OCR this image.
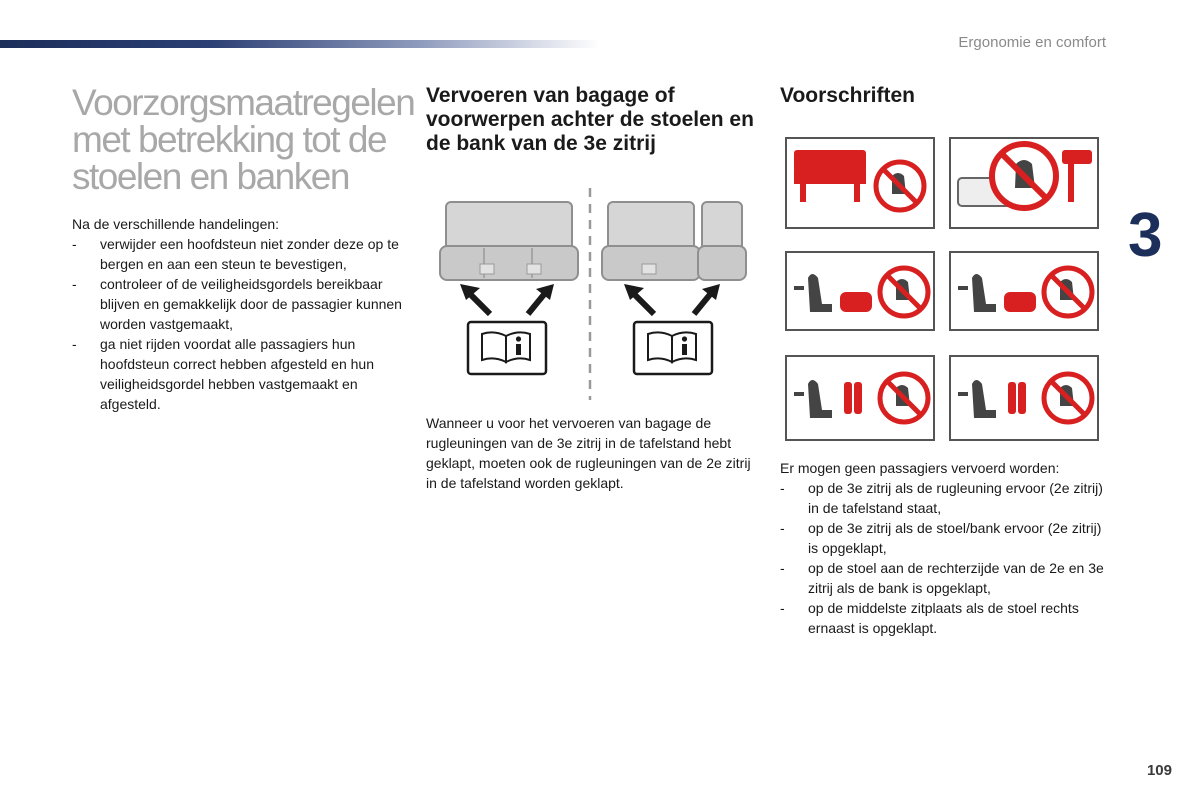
Ergonomie en comfort
3
109
Voorzorgsmaatregelen met betrekking tot de stoelen en banken

Na de verschillende handelingen:

- verwijder een hoofdsteun niet zonder deze op te bergen en aan een steun te bevestigen,
- controleer of de veiligheidsgordels bereikbaar blijven en gemakkelijk door de passagier kunnen worden vastgemaakt,
- ga niet rijden voordat alle passagiers hun hoofdsteun correct hebben afgesteld en hun veiligheidsgordel hebben vastgemaakt en afgesteld.
Vervoeren van bagage of voorwerpen achter de stoelen en de bank van de 3e zitrij
Wanneer u voor het vervoeren van bagage de rugleuningen van de 3e zitrij in de tafelstand hebt geklapt, moeten ook de rugleuningen van de 2e zitrij in de tafelstand worden geklapt.
Voorschriften

Er mogen geen passagiers vervoerd worden:

- op de 3e zitrij als de rugleuning ervoor (2e zitrij) in de tafelstand staat,
- op de 3e zitrij als de stoel/bank ervoor (2e zitrij) is opgeklapt,
- op de stoel aan de rechterzijde van de 2e en 3e zitrij als de bank is opgeklapt,
- op de middelste zitplaats als de stoel rechts ernaast is opgeklapt.
